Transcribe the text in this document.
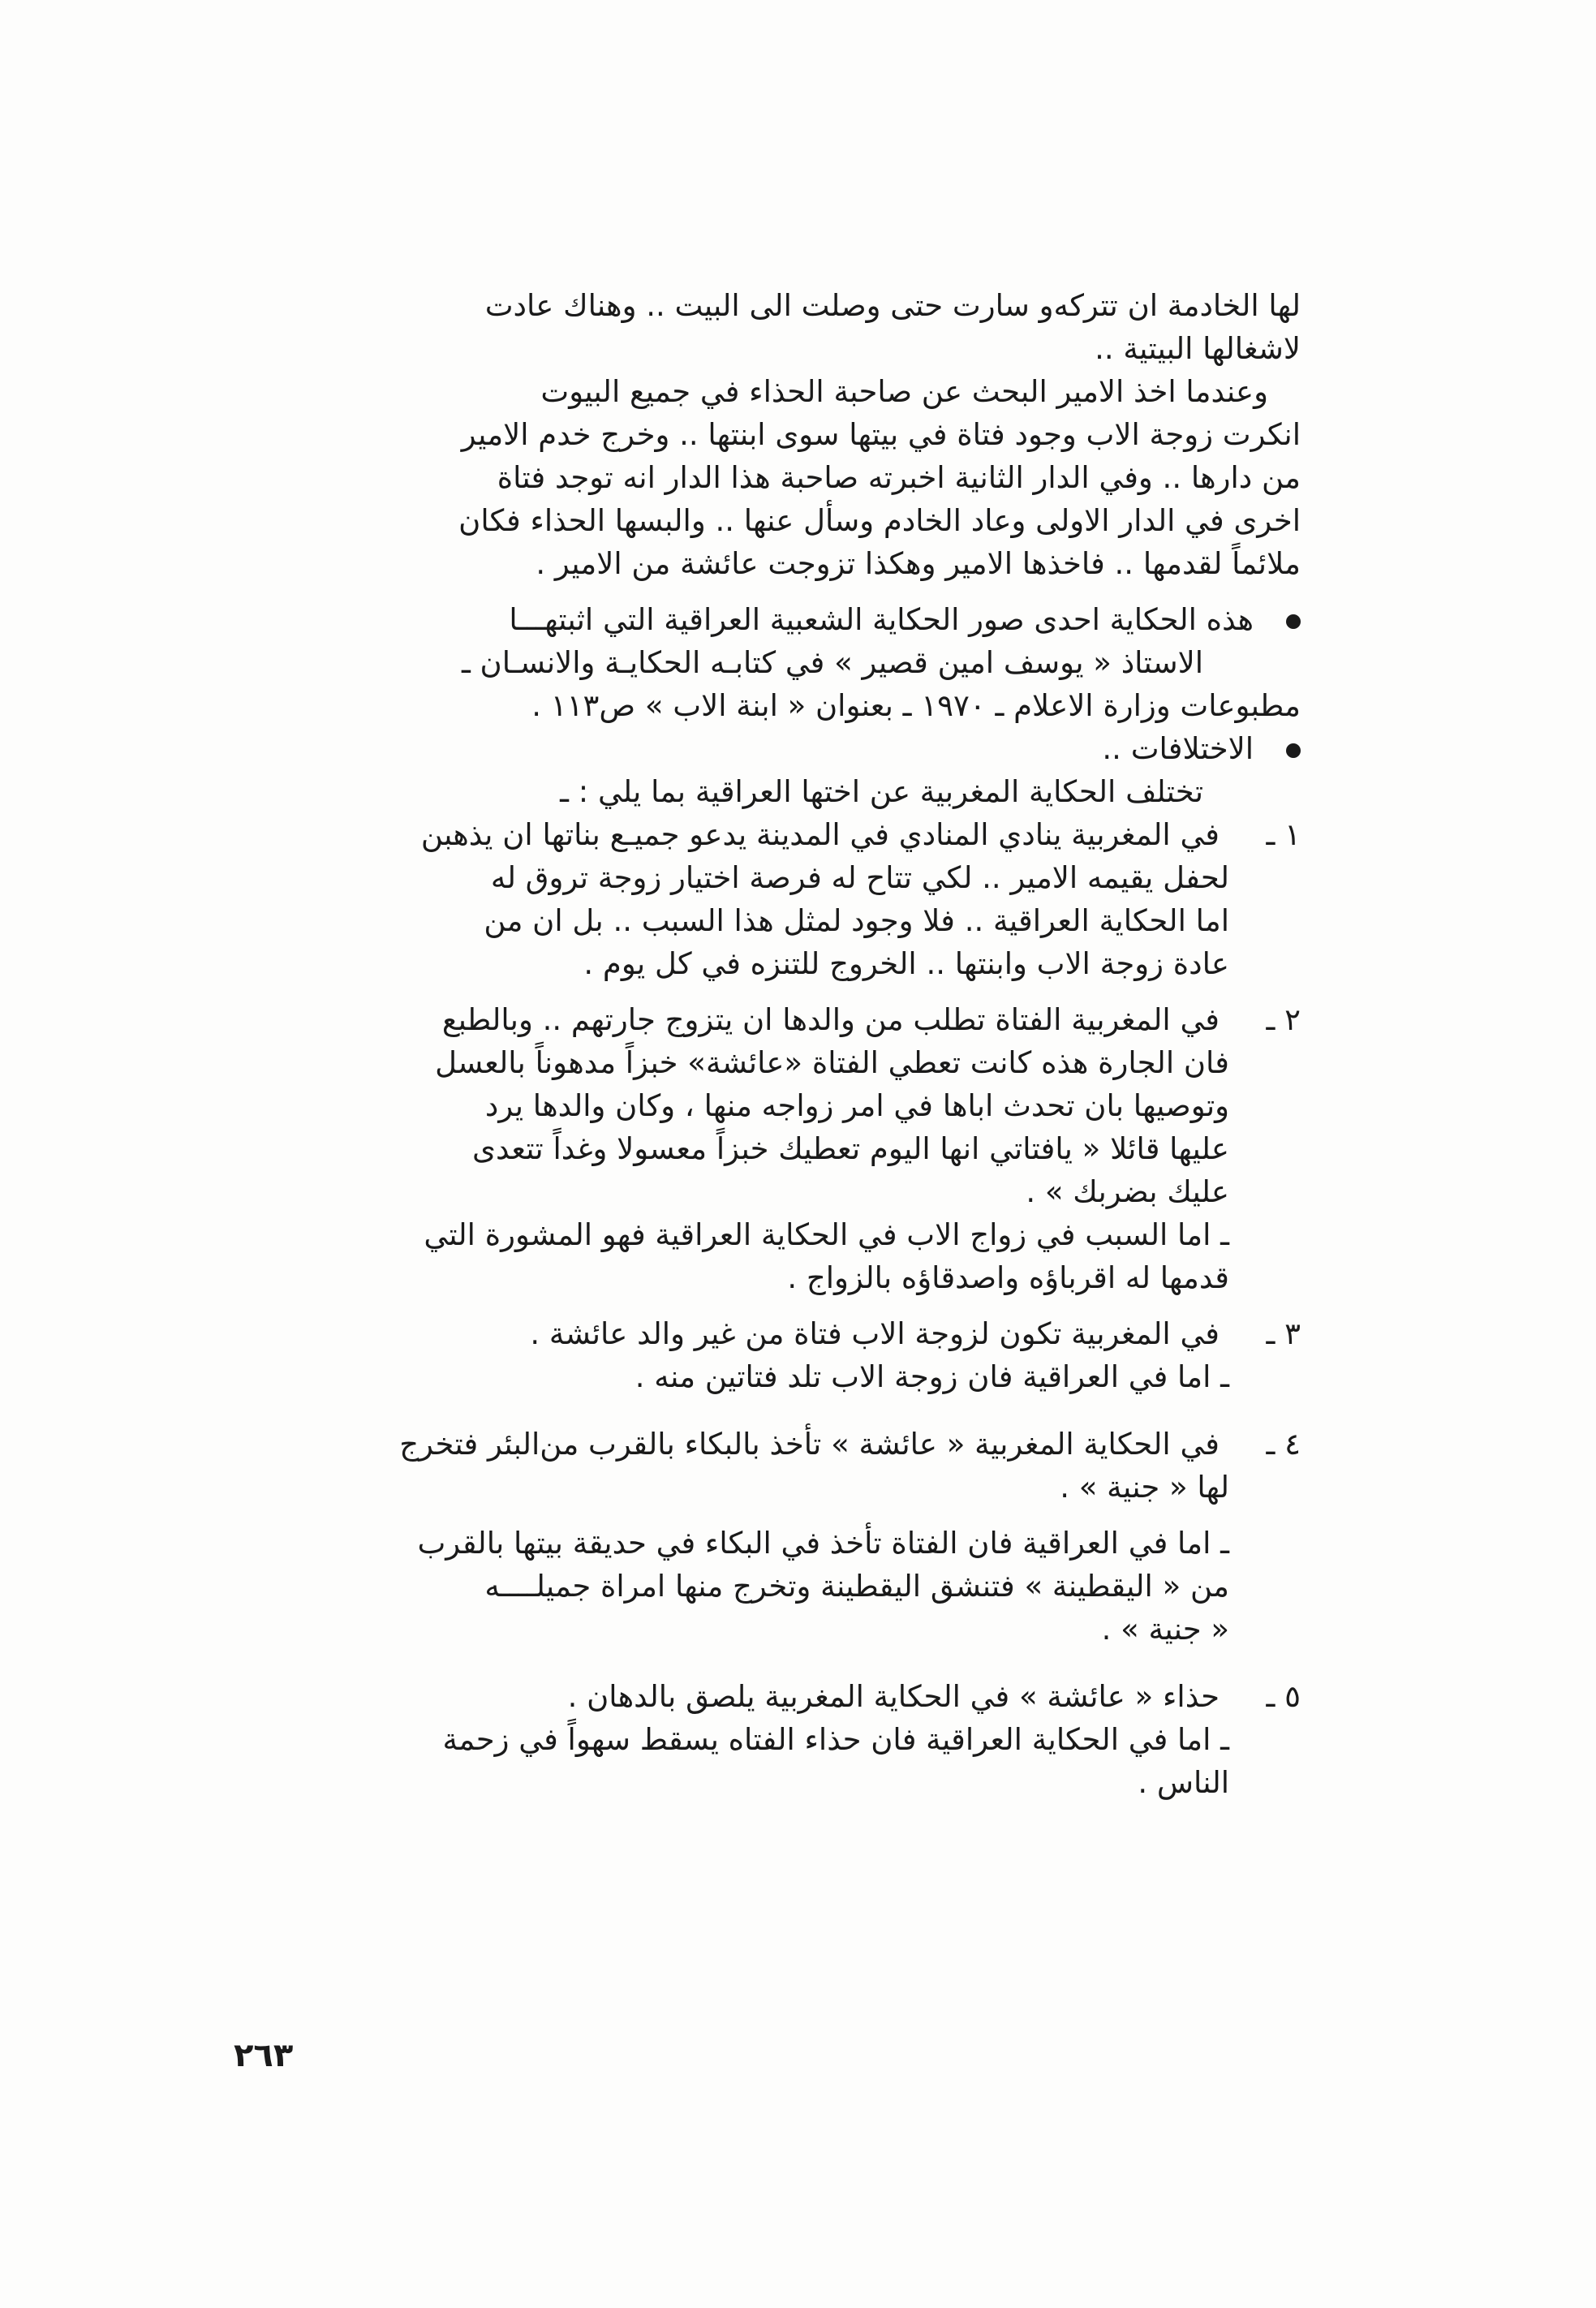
لها الخادمة ان تتركه‌و سارت حتى وصلت الى البيت .. وهناك عادت
لاشغالها البيتية ..
وعندما اخذ الامير البحث عن صاحبة الحذاء في جميع البيوت
انكرت زوجة الاب وجود فتاة في بيتها سوى ابنتها .. وخرج خدم الامير
من دارها .. وفي الدار الثانية اخبرته صاحبة هذا الدار انه توجد فتاة
اخرى في الدار الاولى وعاد الخادم وسأل عنها .. والبسها الحذاء فكان
ملائماً لقدمها .. فاخذها الامير وهكذا تزوجت عائشة من الامير .
هذه الحكاية احدى صور الحكاية الشعبية العراقية التي اثبتهـــا
الاستاذ « يوسف امين قصير » في كتابـه الحكايـة والانسـان ـ
مطبوعات وزارة الاعلام ـ ١٩٧٠ ـ بعنوان « ابنة الاب » ص١١٣ .
الاختلافات ..
تختلف الحكاية المغربية عن اختها العراقية بما يلي : ـ
١ ـفي المغربية ينادي المنادي في المدينة يدعو جميـع بناتها ان يذهبن
لحفل يقيمه الامير .. لكي تتاح له فرصة اختيار زوجة تروق له
اما الحكاية العراقية .. فلا وجود لمثل هذا السبب .. بل ان من
عادة زوجة الاب وابنتها .. الخروج للتنزه في كل يوم .
٢ ـفي المغربية الفتاة تطلب من والدها ان يتزوج جارتهم .. وبالطبع
فان الجارة هذه كانت تعطي الفتاة «عائشة» خبزاً مدهوناً بالعسل
وتوصيها بان تحدث اباها في امر زواجه منها ، وكان والدها يرد
عليها قائلا « يافتاتي انها اليوم تعطيك خبزاً معسولا وغداً تتعدى
عليك بضربك » .
ـ اما السبب في زواج الاب في الحكاية العراقية فهو المشورة التي
قدمها له اقرباؤه واصدقاؤه بالزواج .
٣ ـفي المغربية تكون لزوجة الاب فتاة من غير والد عائشة .
ـ اما في العراقية فان زوجة الاب تلد فتاتين منه .
٤ ـفي الحكاية المغربية « عائشة » تأخذ بالبكاء بالقرب من‌البئر فتخرج
لها « جنية » .
ـ اما في العراقية فان الفتاة تأخذ في البكاء في حديقة بيتها بالقرب
من « اليقطينة » فتنشق اليقطينة وتخرج منها امراة جميلــــه
« جنية » .
٥ ـحذاء « عائشة » في الحكاية المغربية يلصق بالدهان .
ـ اما في الحكاية العراقية فان حذاء الفتاه يسقط سهواً في زحمة
الناس .
٢٦٣
